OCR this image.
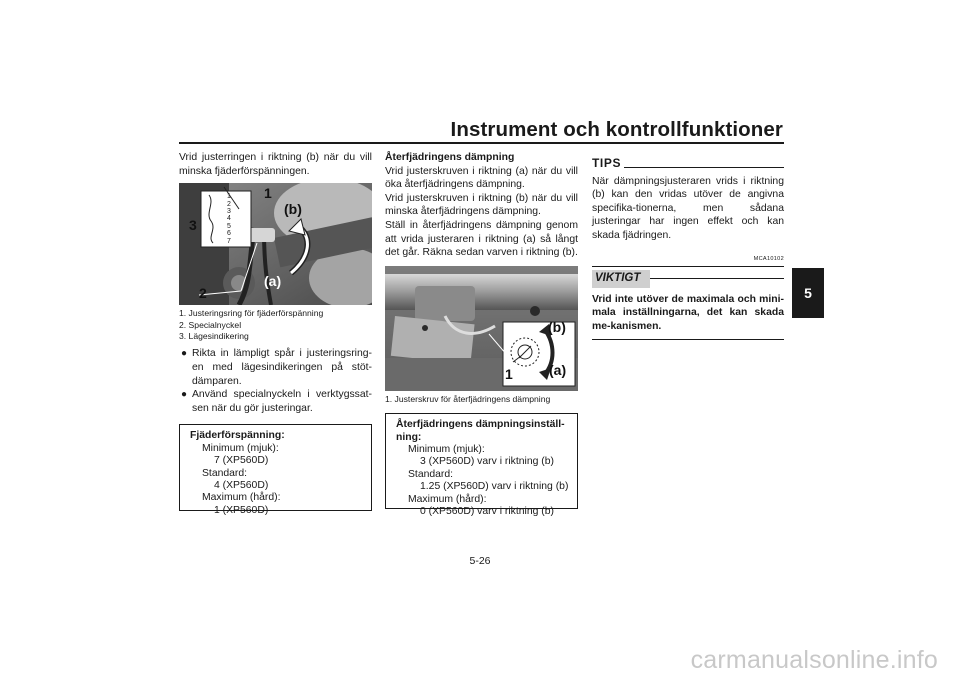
Instrument och kontrollfunktioner
5
Vrid justerringen i riktning (b) när du vill minska fjäderförspänningen.
1
(b)
3
(a)
2
1
2
3
4
5
6
7
1. Justeringsring för fjäderförspänning
2. Specialnyckel
3. Lägesindikering
● Rikta in lämpligt spår i justeringsring-en med lägesindikeringen på stöt-dämparen.
● Använd specialnyckeln i verktygssat-sen när du gör justeringar.
Fjäderförspänning:
Minimum (mjuk):
7 (XP560D)
Standard:
4 (XP560D)
Maximum (hård):
1 (XP560D)
Återfjädringens dämpning
Vrid justerskruven i riktning (a) när du vill öka återfjädringens dämpning.
Vrid justerskruven i riktning (b) när du vill minska återfjädringens dämpning.
Ställ in återfjädringens dämpning genom att vrida justeraren i riktning (a) så långt det går. Räkna sedan varven i riktning (b).
(b)
1	(a)
1. Justerskruv för återfjädringens dämpning
Återfjädringens dämpningsinställ-ning:
Minimum (mjuk):
3 (XP560D) varv i riktning (b)
Standard:
1.25 (XP560D) varv i riktning (b)
Maximum (hård):
0 (XP560D) varv i riktning (b)
TIPS
När dämpningsjusteraren vrids i riktning (b) kan den vridas utöver de angivna specifika-tionerna, men sådana justeringar har ingen effekt och kan skada fjädringen.
MCA10102
VIKTIGT
Vrid inte utöver de maximala och mini-mala inställningarna, det kan skada me-kanismen.
5-26
carmanualsonline.info
